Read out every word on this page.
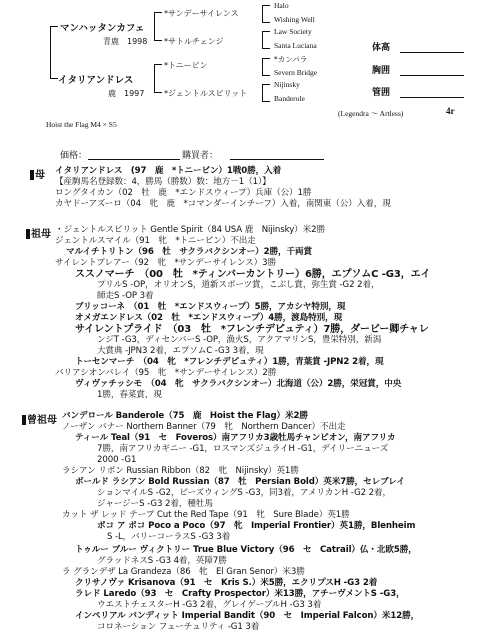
マンハッタンカフェ
青鹿　1998
イタリアンドレス
鹿　1997
*サンデーサイレンス
*サトルチェンジ
*トニービン
*ジェントルスピリット
Halo
Wishing Well
Law Society
Santa Luciana
*カンパラ
Severn Bridge
Nijinsky
Banderole
Hoist the Flag M4 × S5
(Legendra ～ Artless)	4r
体高
胸囲
管囲
価格：	購買者：
母 イタリアンドレス　(97　鹿　*トニービン）1戦0勝，入着
【産駒馬名登録数：4，勝馬（勝数）数：地方－1（1）】
ロングタイカン（02　牡　鹿　*エンドスウィープ）兵庫（公）1勝
カヤドーアズーロ（04　牝　鹿　*コマンダーインチーフ）入着，南関東（公）入着，現
祖母 ・ジェントルスピリット Gentle Spirit（84 USA 鹿　Nijinsky）米2勝
ジェントルスマイル（91　牝　*トニービン）不出走
マルイチトリトン（96　牡　サクラバクシンオー）2勝，千両賞
サイレントプレアー（92　牝　*サンデーサイレンス）3勝
ススノマーチ　（00　牡　*ティンバーカントリー）6勝，エプソムC -G3，エイ
プリルS -OP，オリオンS，道新スポーツ賞，こぶし賞，弥生賞 -G2 2着，
師走S -OP 3着
ブリッコーネ　（01　牡　*エンドスウィープ）5勝，アカシヤ特別，現
オメガエンドレス（02　牡　*エンドスウィープ）4勝，渡島特別，現
サイレントプライド　（03　牡　*フレンチデピュティ）7勝，ダービー卿チャレ
ンジT -G3，ディセンバーS -OP，漁火S，アクアマリンS，豊栄特別，新潟
大賞典 -JPN3 2着，エプソムC -G3 3着，現
トーセンマーチ　（04　牝　*フレンチデピュティ）1勝，青葉賞 -JPN2 2着，現
バリアシオンバレイ（95　牝　*サンデーサイレンス）2勝
ヴィヴァチッシモ　（04　牝　サクラバクシンオー）北海道（公）2勝，栄冠賞，中央
1勝，春菜賞，現
曾祖母 バンデロール Banderole（75　鹿　Hoist the Flag）米2勝
ノーザン バナー Northern Banner（79　牝　Northern Dancer）不出走
ティール Teal（91　セ　Foveros）南アフリカ3歳牡馬チャンピオン，南アフリカ
7勝，南アフリカギニー -G1，ロスマンズジュライH -G1，デイリーニューズ
2000 -G1
ラシアン リボン Russian Ribbon（82　牝　Nijinsky）英1勝
ボールド ラシアン Bold Russian（87　牡　Persian Bold）英米7勝，セレブレイ
ションマイルS -G2，ビーズウィングS -G3，同3着，アメリカンH -G2 2着，
ジャージーS -G3 2着，種牡馬
カット ザ レッド テープ Cut the Red Tape（91　牝　Sure Blade）英1勝
ポコ ア ポコ Poco a Poco（97　牝　Imperial Frontier）英1勝，Blenheim
S -L，バリーコーラスS -G3 3着
トゥルー ブルー ヴィクトリー True Blue Victory（96　セ　Catrail）仏・北欧5勝，
グラッドネスS -G3 4着，英障7勝
ラ グランデザ La Grandeza（86　牝　El Gran Senor）米3勝
クリサノヴァ Krisanova（91　セ　Kris S.）米5勝，エクリプスH -G3 2着
ラレド Laredo（93　セ　Crafty Prospector）米13勝，アチーヴメントS -G3，
ウエストチェスターH -G3 2着，グレイゲーブルH -G3 3着
インペリアル バンディット Imperial Bandit（90　セ　Imperial Falcon）米12勝，
コロネーション フューチュリティ -G1 3着
